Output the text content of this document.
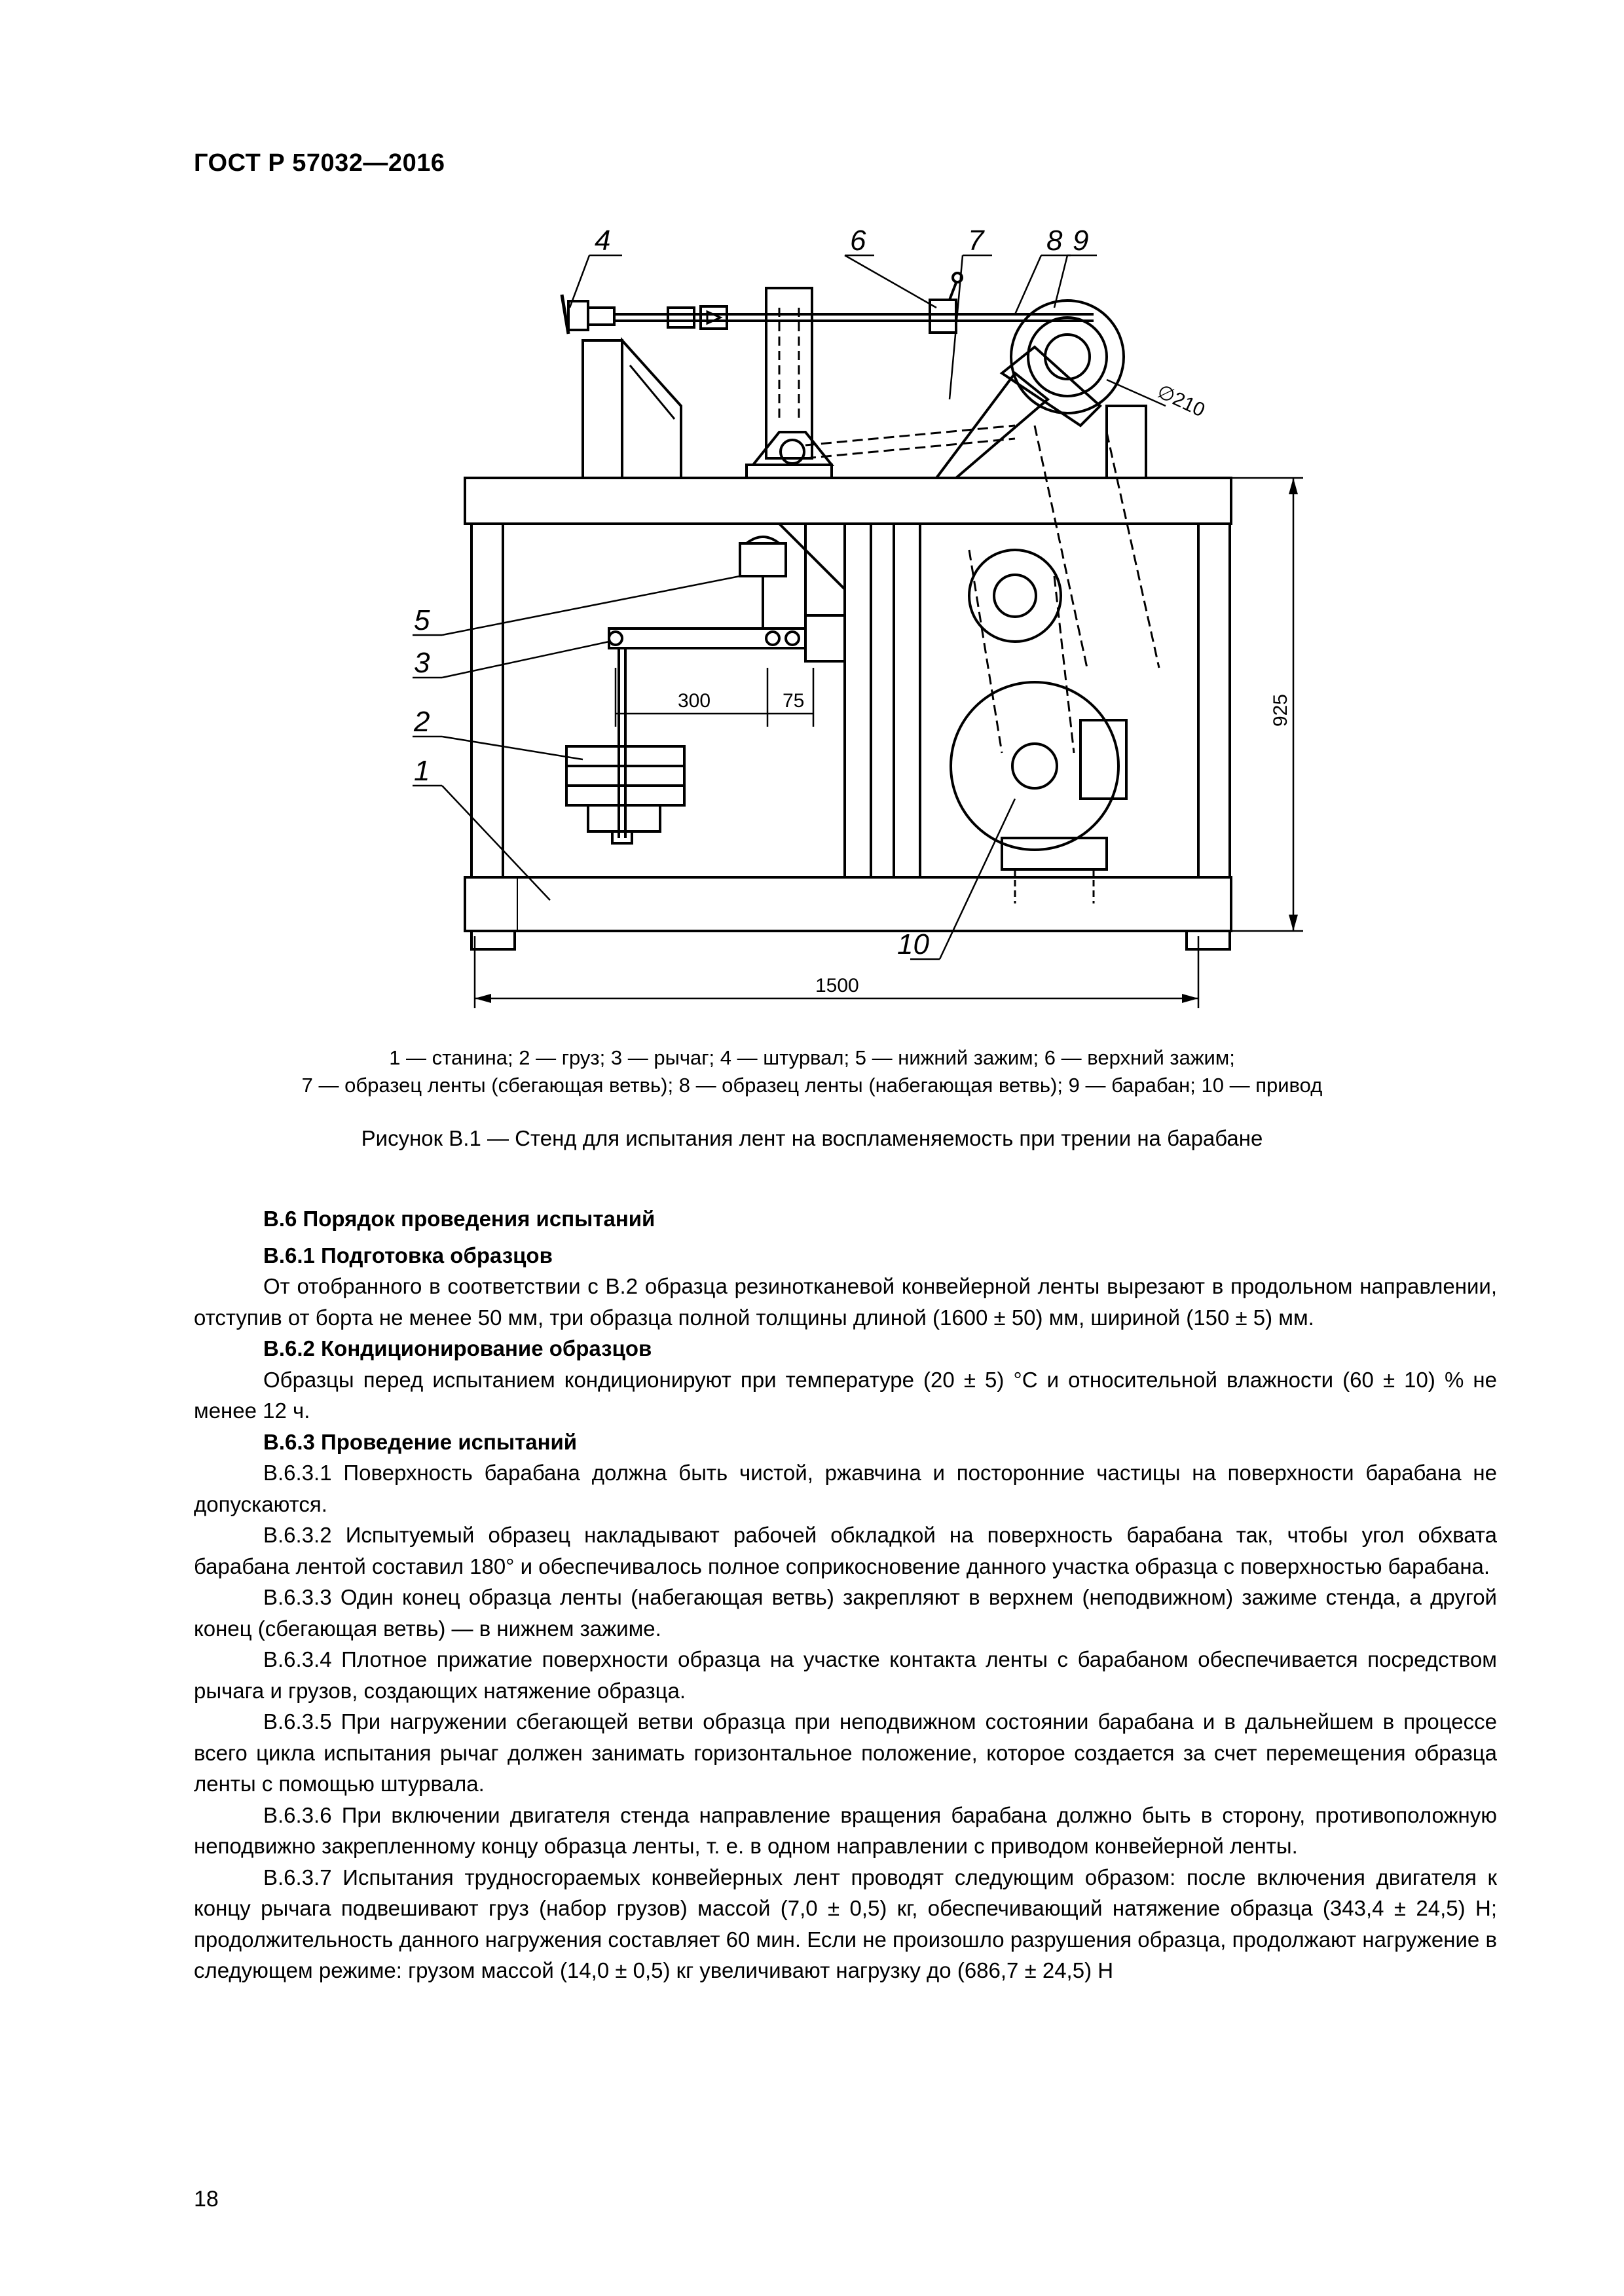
ГОСТ Р 57032—2016
4	6	7 8 9
5
3
2
1
10
300	75
1500
925
∅210
1 — станина; 2 — груз; 3 — рычаг; 4 — штурвал; 5 — нижний зажим; 6 — верхний зажим;
7 — образец ленты (сбегающая ветвь); 8 — образец ленты (набегающая ветвь); 9 — барабан; 10 — привод
Рисунок В.1 — Стенд для испытания лент на воспламеняемость при трении на барабане

В.6 Порядок проведения испытаний

В.6.1 Подготовка образцов

От отобранного в соответствии с В.2 образца резинотканевой конвейерной ленты вырезают в продольном направлении, отступив от борта не менее 50 мм, три образца полной толщины длиной (1600 ± 50) мм, шириной (150 ± 5) мм.

В.6.2 Кондиционирование образцов

Образцы перед испытанием кондиционируют при температуре (20 ± 5) °С и относительной влажности (60 ± 10) % не менее 12 ч.

В.6.3 Проведение испытаний

В.6.3.1 Поверхность барабана должна быть чистой, ржавчина и посторонние частицы на поверхности барабана не допускаются.

В.6.3.2 Испытуемый образец накладывают рабочей обкладкой на поверхность барабана так, чтобы угол обхвата барабана лентой составил 180° и обеспечивалось полное соприкосновение данного участка образца с поверхностью барабана.

В.6.3.3 Один конец образца ленты (набегающая ветвь) закрепляют в верхнем (неподвижном) зажиме стенда, а другой конец (сбегающая ветвь) — в нижнем зажиме.

В.6.3.4 Плотное прижатие поверхности образца на участке контакта ленты с барабаном обеспечивается посредством рычага и грузов, создающих натяжение образца.

В.6.3.5 При нагружении сбегающей ветви образца при неподвижном состоянии барабана и в дальнейшем в процессе всего цикла испытания рычаг должен занимать горизонтальное положение, которое создается за счет перемещения образца ленты с помощью штурвала.

В.6.3.6 При включении двигателя стенда направление вращения барабана должно быть в сторону, противоположную неподвижно закрепленному концу образца ленты, т. е. в одном направлении с приводом конвейерной ленты.

В.6.3.7 Испытания трудносгораемых конвейерных лент проводят следующим образом: после включения двигателя к концу рычага подвешивают груз (набор грузов) массой (7,0 ± 0,5) кг, обеспечивающий натяжение образца (343,4 ± 24,5) Н; продолжительность данного нагружения составляет 60 мин. Если не произошло разрушения образца, продолжают нагружение в следующем режиме: грузом массой (14,0 ± 0,5) кг увеличивают нагрузку до (686,7 ± 24,5) Н

18
